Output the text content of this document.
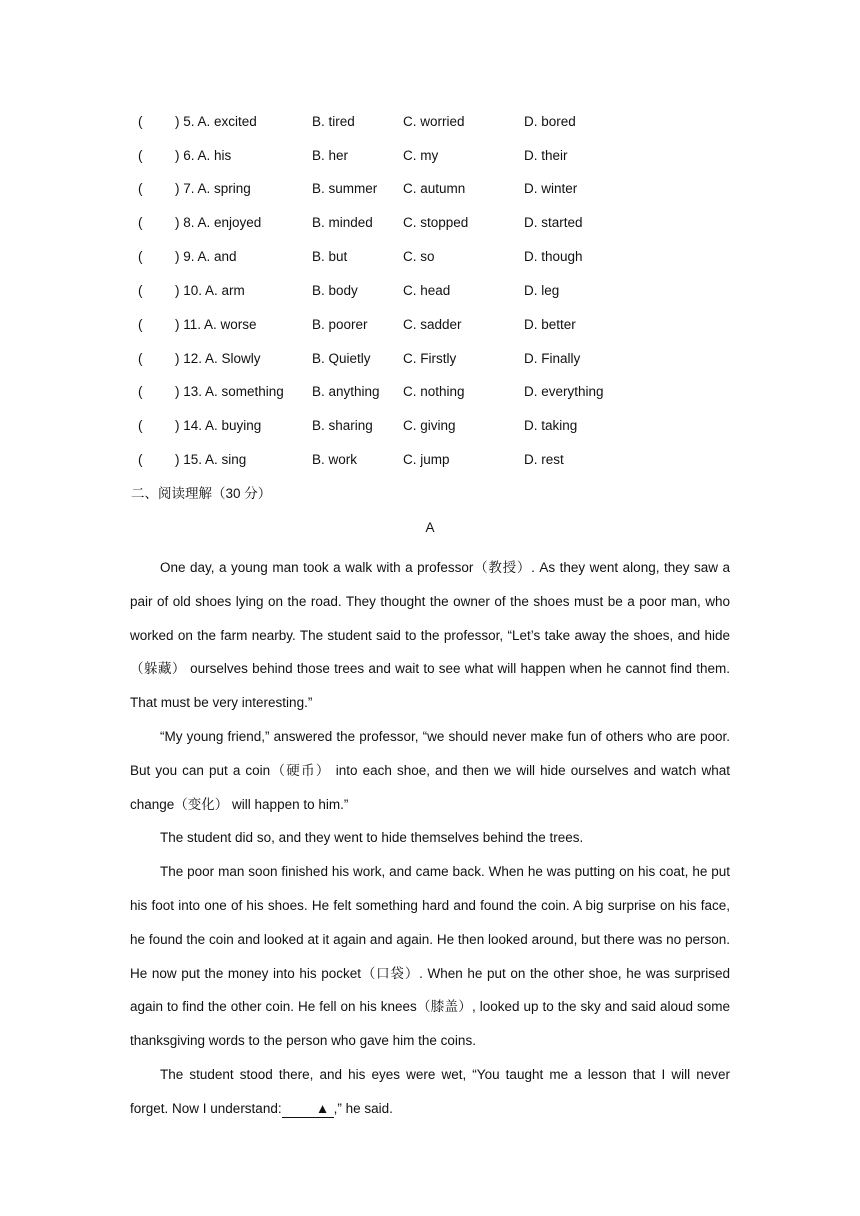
( ) 5. A. excited	B. tired	C. worried	D. bored
( ) 6. A. his	B. her	C. my	D. their
( ) 7. A. spring	B. summer C. autumn	D. winter
( ) 8. A. enjoyed	B. minded C. stopped	D. started
( ) 9. A. and	B. but	C. so	D. though
( ) 10. A. arm	B. body	C. head	D. leg
( ) 11. A. worse	B. poorer	C. sadder	D. better
( ) 12. A. Slowly	B. Quietly C. Firstly	D. Finally
( ) 13. A. something B. anything C. nothing	D. everything
( ) 14. A. buying	B. sharing C. giving	D. taking
( ) 15. A. sing	B. work	C. jump	D. rest
二、阅读理解（30 分）
A

One day, a young man took a walk with a professor（教授）. As they went along, they saw a pair of old shoes lying on the road. They thought the owner of the shoes must be a poor man, who worked on the farm nearby. The student said to the professor, “Let’s take away the shoes, and hide（躲藏） ourselves behind those trees and wait to see what will happen when he cannot find them. That must be very interesting.”

“My young friend,” answered the professor, “we should never make fun of others who are poor. But you can put a coin（硬币） into each shoe, and then we will hide ourselves and watch what change（变化） will happen to him.”

The student did so, and they went to hide themselves behind the trees.

The poor man soon finished his work, and came back. When he was putting on his coat, he put his foot into one of his shoes. He felt something hard and found the coin. A big surprise on his face, he found the coin and looked at it again and again. He then looked around, but there was no person. He now put the money into his pocket（口袋）. When he put on the other shoe, he was surprised again to find the other coin. He fell on his knees（膝盖）, looked up to the sky and said aloud some thanksgiving words to the person who gave him the coins.

The student stood there, and his eyes were wet, “You taught me a lesson that I will never forget. Now I understand:	▲ ,” he said.
